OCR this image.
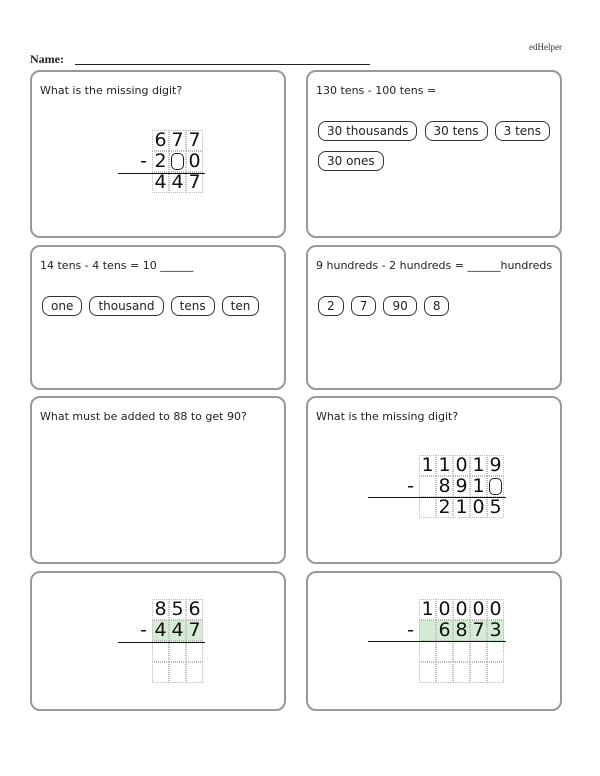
edHelper
Name:
What is the missing digit?
6 7 7
- 2 0
4 4 7
130 tens - 100 tens =
30 thousands 30 tens 3 tens 30 ones
14 tens - 4 tens = 10 ______
one thousand tens ten
9 hundreds - 2 hundreds = ______hundreds
2 7 90 8
What must be added to 88 to get 90?	What is the missing digit?
1 1 0 1 9
- 8 9 1
2 1 0 5
8 5 6
- 4 4 7
1 0 0 0 0
- 6 8 7 3
